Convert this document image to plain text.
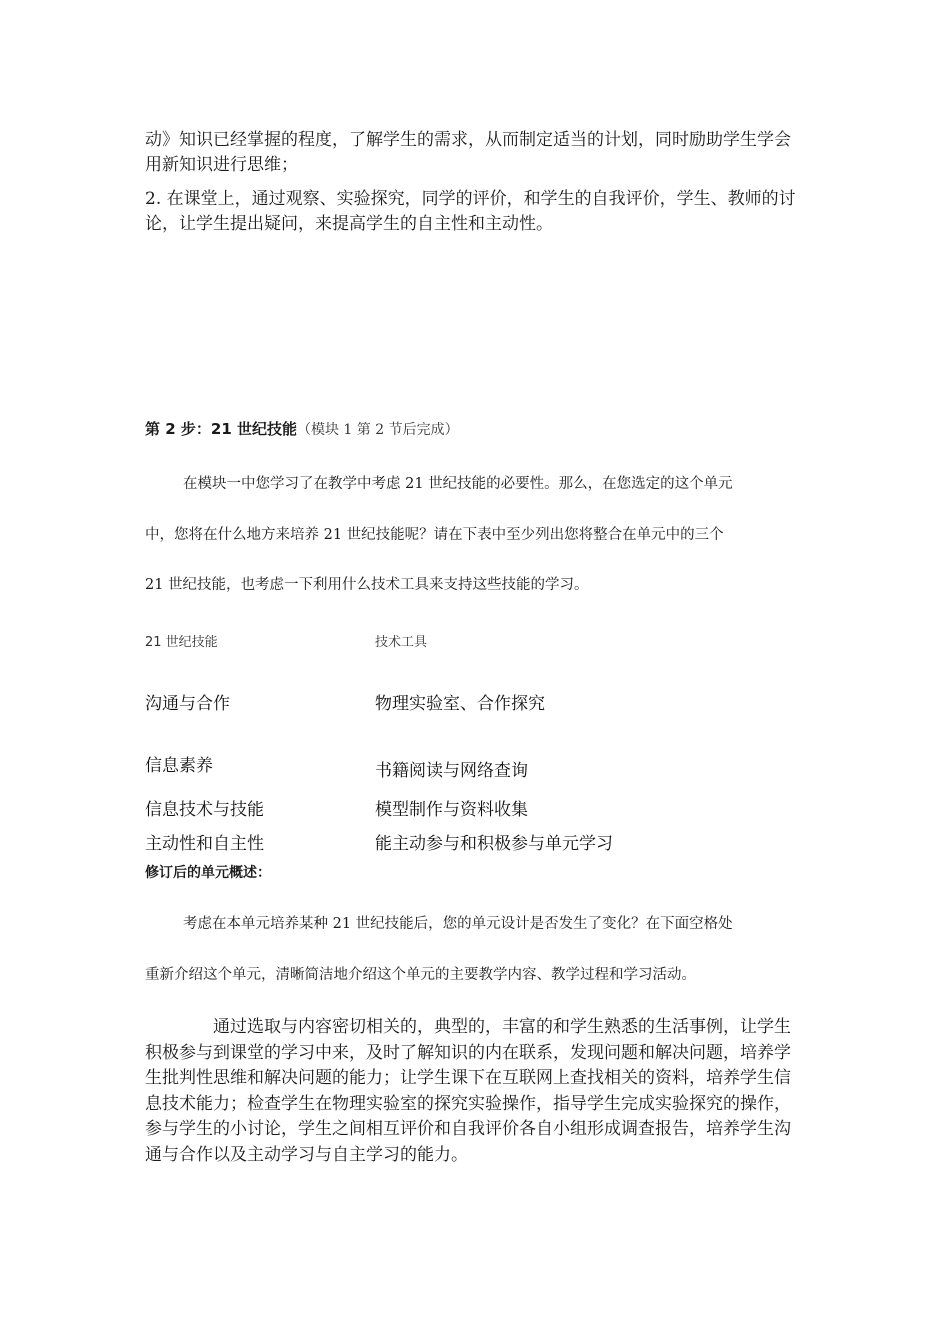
动》知识已经掌握的程度，了解学生的需求，从而制定适当的计划，同时励助学生学会用新知识进行思维；

2. 在课堂上，通过观察、实验探究，同学的评价，和学生的自我评价，学生、教师的讨论，让学生提出疑问，来提高学生的自主性和主动性。

第 2 步：21 世纪技能（模块 1 第 2 节后完成）
在模块一中您学习了在教学中考虑 21 世纪技能的必要性。那么，在您选定的这个单元
中，您将在什么地方来培养 21 世纪技能呢？请在下表中至少列出您将整合在单元中的三个
21 世纪技能，也考虑一下利用什么技术工具来支持这些技能的学习。
21 世纪技能	技术工具
沟通与合作	物理实验室、合作探究
信息素养	书籍阅读与网络查询
信息技术与技能	模型制作与资料收集
主动性和自主性	能主动参与和积极参与单元学习
修订后的单元概述：
考虑在本单元培养某种 21 世纪技能后，您的单元设计是否发生了变化？在下面空格处
重新介绍这个单元，清晰简洁地介绍这个单元的主要教学内容、教学过程和学习活动。

通过选取与内容密切相关的，典型的，丰富的和学生熟悉的生活事例，让学生积极参与到课堂的学习中来，及时了解知识的内在联系，发现问题和解决问题，培养学生批判性思维和解决问题的能力；让学生课下在互联网上查找相关的资料，培养学生信息技术能力；检查学生在物理实验室的探究实验操作，指导学生完成实验探究的操作，参与学生的小讨论，学生之间相互评价和自我评价各自小组形成调查报告，培养学生沟通与合作以及主动学习与自主学习的能力。
